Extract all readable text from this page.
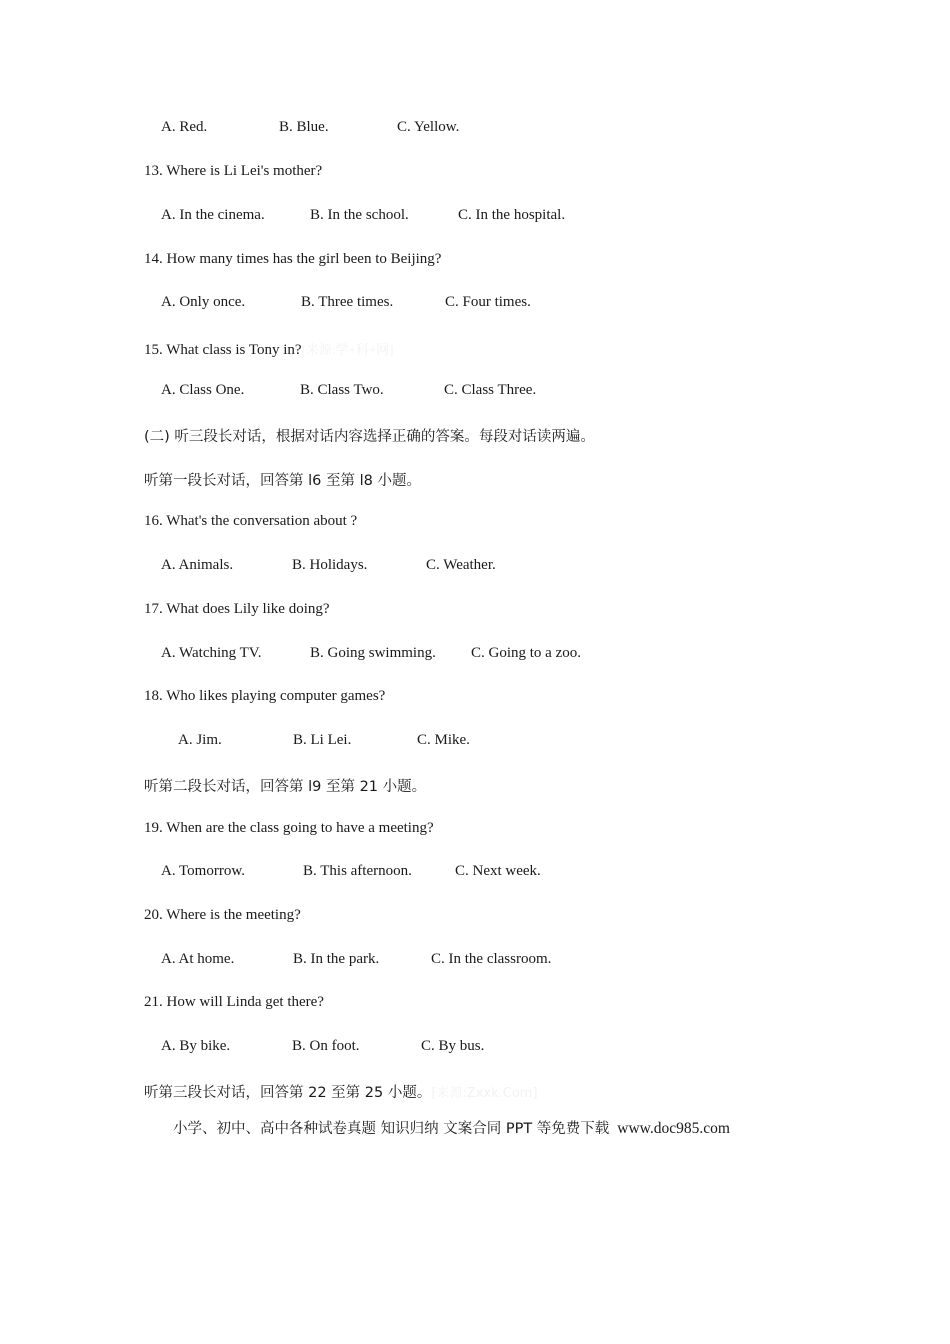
A. Red.	B. Blue.	C. Yellow.
13. Where is Li Lei's mother?
A. In the cinema.	B. In the school.	C. In the hospital.
14. How many times has the girl been to Beijing?
A. Only once.	B. Three times.	C. Four times.
15. What class is Tony in?[来源:学+科+网]
A. Class One.	B. Class Two.	C. Class Three.
(二) 听三段长对话，根据对话内容选择正确的答案。每段对话读两遍。
听第一段长对话，回答第 l6 至第 l8 小题。
16. What's the conversation about ?
A. Animals.	B. Holidays.	C. Weather.
17. What does Lily like doing?
A. Watching TV.	B. Going swimming. C. Going to a zoo.
18. Who likes playing computer games?
A. Jim.	B. Li Lei.	C. Mike.
听第二段长对话，回答第 l9 至第 21 小题。
19. When are the class going to have a meeting?
A. Tomorrow.	B. This afternoon.	C. Next week.
20. Where is the meeting?
A. At home.	B. In the park.	C. In the classroom.
21. How will Linda get there?
A. By bike.	B. On foot.	C. By bus.
听第三段长对话，回答第 22 至第 25 小题。[来源:Zxxk.Com]
小学、初中、高中各种试卷真题 知识归纳 文案合同 PPT 等免费下载 www.doc985.com
